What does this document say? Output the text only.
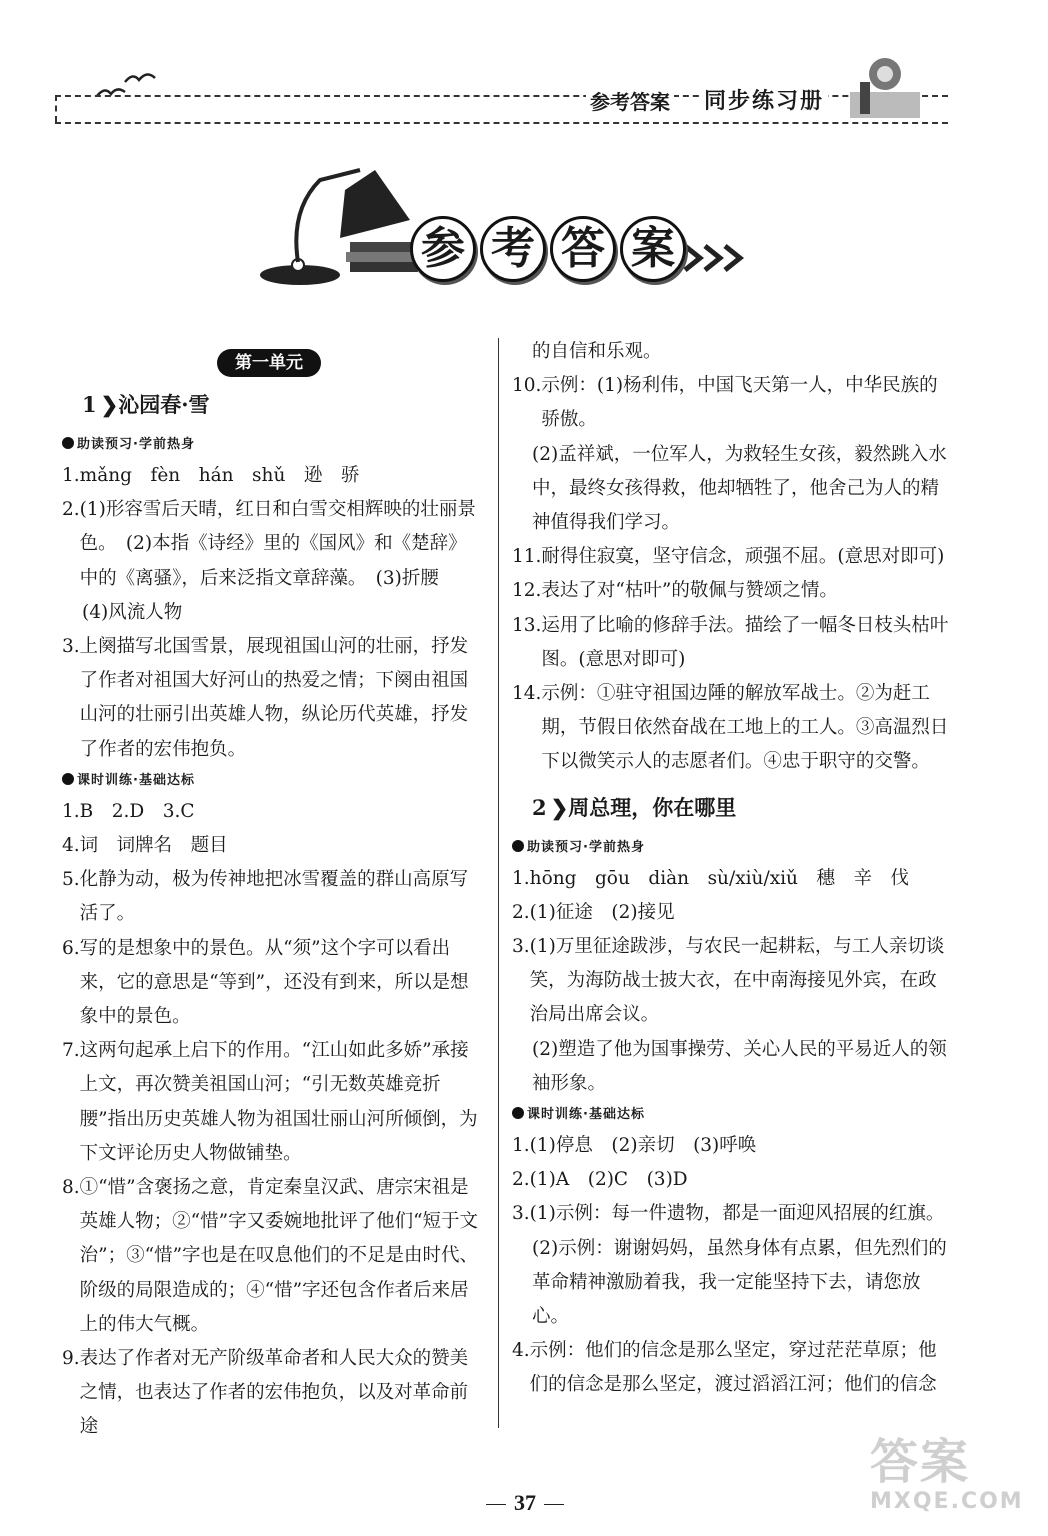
参考答案 同步练习册
参 考 答 案
第一单元
1 ❯沁园春·雪
助读预习·学前热身
1. mǎng　fèn　hán　shǔ　逊　骄
2. (1)形容雪后天晴，红日和白雪交相辉映的壮丽景色。　(2)本指《诗经》里的《国风》和《楚辞》中的《离骚》，后来泛指文章辞藻。　(3)折腰
(4)风流人物
3. 上阕描写北国雪景，展现祖国山河的壮丽，抒发了作者对祖国大好河山的热爱之情；下阕由祖国山河的壮丽引出英雄人物，纵论历代英雄，抒发了作者的宏伟抱负。
课时训练·基础达标
1.B　2.D　3.C
4. 词　词牌名　题目
5. 化静为动，极为传神地把冰雪覆盖的群山高原写活了。
6. 写的是想象中的景色。从“须”这个字可以看出来，它的意思是“等到”，还没有到来，所以是想象中的景色。
7. 这两句起承上启下的作用。“江山如此多娇”承接上文，再次赞美祖国山河；“引无数英雄竞折腰”指出历史英雄人物为祖国壮丽山河所倾倒，为下文评论历史人物做铺垫。
8. ①“惜”含褒扬之意，肯定秦皇汉武、唐宗宋祖是英雄人物；②“惜”字又委婉地批评了他们“短于文治”；③“惜”字也是在叹息他们的不足是由时代、阶级的局限造成的；④“惜”字还包含作者后来居上的伟大气概。
9. 表达了作者对无产阶级革命者和人民大众的赞美之情，也表达了作者的宏伟抱负，以及对革命前途
的自信和乐观。
10. 示例：(1)杨利伟，中国飞天第一人，中华民族的骄傲。
(2)孟祥斌，一位军人，为救轻生女孩，毅然跳入水中，最终女孩得救，他却牺牲了，他舍己为人的精神值得我们学习。
11. 耐得住寂寞，坚守信念，顽强不屈。(意思对即可)
12. 表达了对“枯叶”的敬佩与赞颂之情。
13. 运用了比喻的修辞手法。描绘了一幅冬日枝头枯叶图。(意思对即可)
14. 示例：①驻守祖国边陲的解放军战士。②为赶工期，节假日依然奋战在工地上的工人。③高温烈日下以微笑示人的志愿者们。④忠于职守的交警。
2 ❯周总理，你在哪里
助读预习·学前热身
1. hōng　gōu　diàn　sù/xiù/xiǔ　穗　辛　伐
2. (1)征途　(2)接见
3. (1)万里征途跋涉，与农民一起耕耘，与工人亲切谈笑，为海防战士披大衣，在中南海接见外宾，在政治局出席会议。
(2)塑造了他为国事操劳、关心人民的平易近人的领袖形象。
课时训练·基础达标
1. (1)停息　(2)亲切　(3)呼唤
2. (1)A　(2)C　(3)D
3. (1)示例：每一件遗物，都是一面迎风招展的红旗。
(2)示例：谢谢妈妈，虽然身体有点累，但先烈们的革命精神激励着我，我一定能坚持下去，请您放心。
4. 示例：他们的信念是那么坚定，穿过茫茫草原；他们的信念是那么坚定，渡过滔滔江河；他们的信念
37
答案
MXQE.COM
